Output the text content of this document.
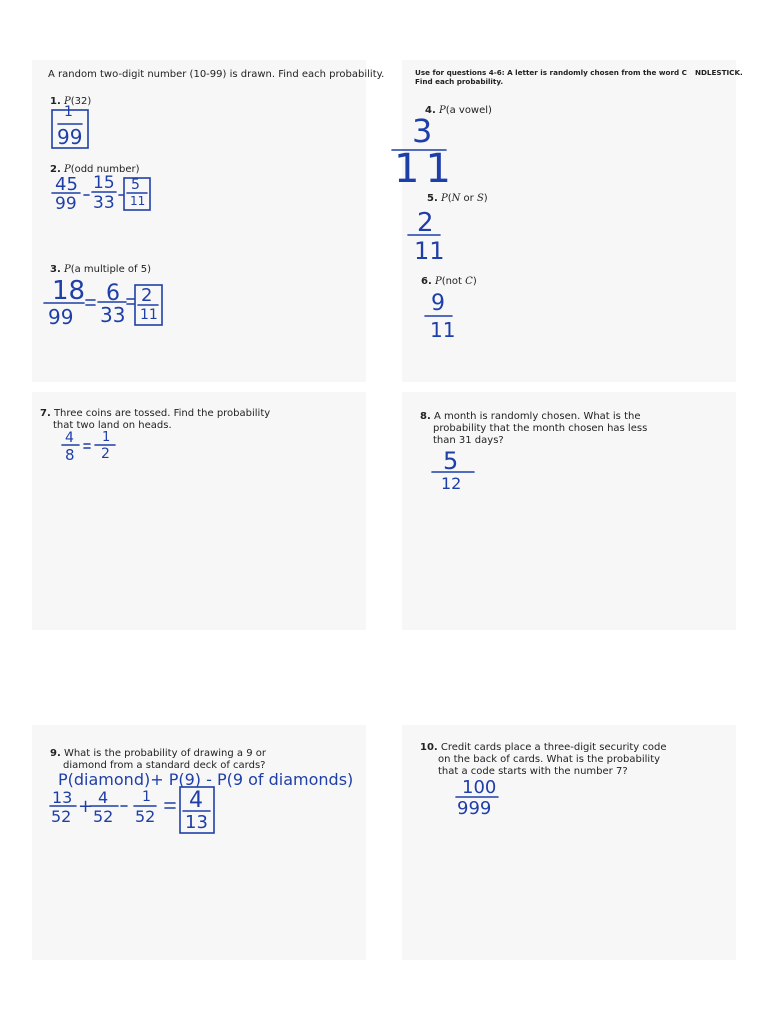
A random two-digit number (10-99) is drawn. Find each probability.	Use for questions 4-6: A letter is randomly chosen from the word C NDLESTICK.
Find each probability.
1. P(32)
2. P(odd number)
3. P(a multiple of 5)
4. P(a vowel)
5. P(N or S)
6. P(not C)
7. Three coins are tossed. Find the probability
that two land on heads.
8. A month is randomly chosen. What is the
probability that the month chosen has less
than 31 days?
9. What is the probability of drawing a 9 or
diamond from a standard deck of cards?
10. Credit cards place a three-digit security code
on the back of cards. What is the probability
that a code starts with the number 7?
1
99
45
99
15
33
5
11
18
99
6
33
2
11
3
11
2
11
9
11
4
8
1
2	5
12
P(diamond)+ P(9) - P(9 of diamonds)
13
52 + 4
52
1
52
4
13
100
999
